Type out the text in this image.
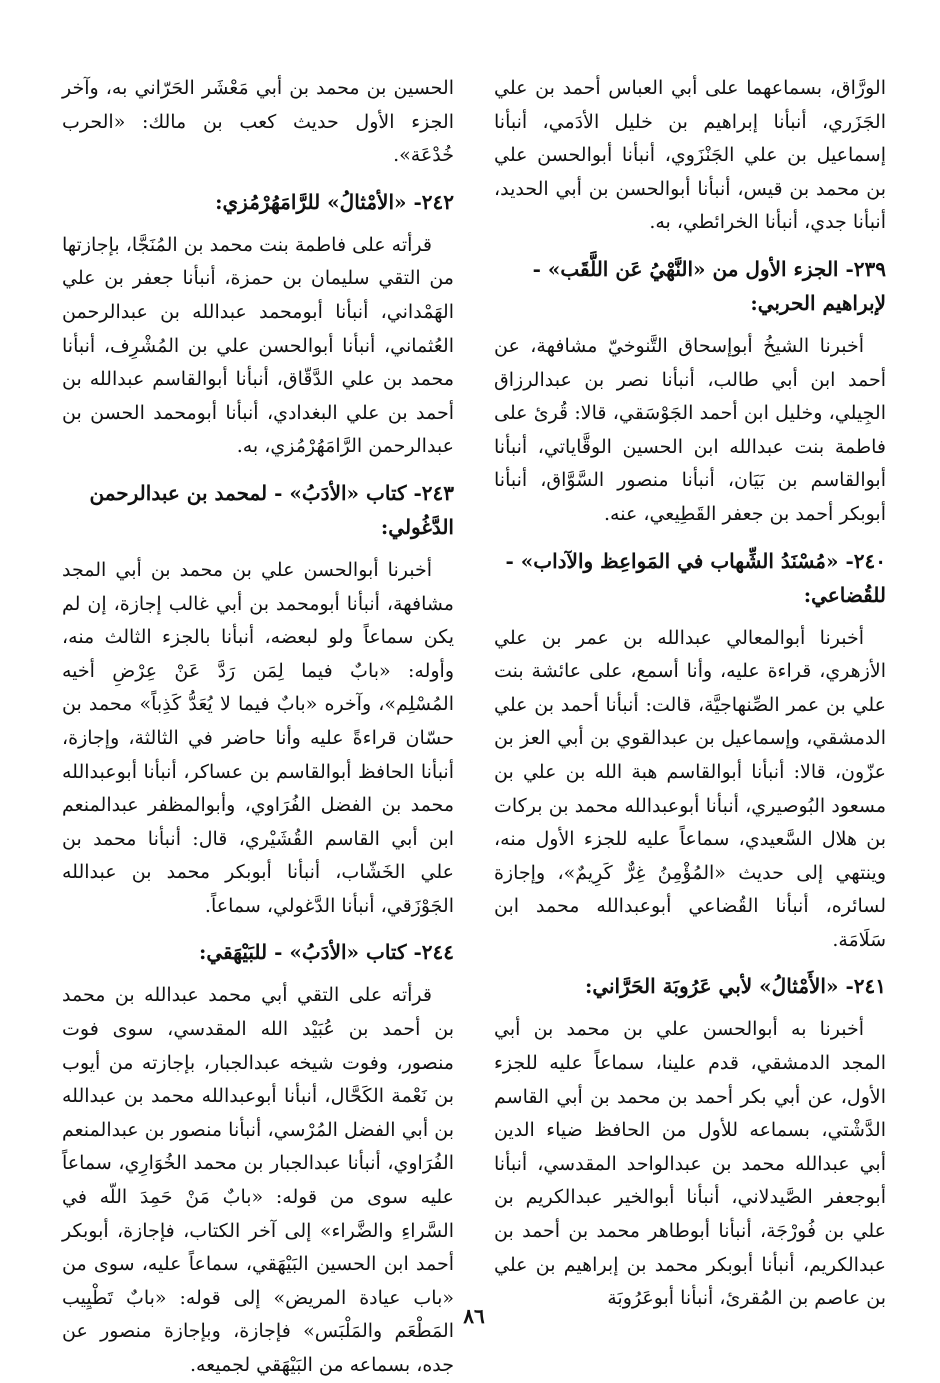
الورَّاق، بسماعهما على أبي العباس أحمد بن علي الجَزَري، أنبأنا إبراهيم بن خليل الأدَمي، أنبأنا إسماعيل بن علي الجَنْزَوي، أنبأنا أبوالحسن علي بن محمد بن قيس، أنبأنا أبوالحسن بن أبي الحديد، أنبأنا جدي، أنبأنا الخرائطي، به.

٢٣٩- الجزء الأول من «النَّهْيُ عَن اللَّقَب» - لإبراهيم الحربي:

أخبرنا الشيخُ أبوإسحاق التَّنوخيّ مشافهة، عن أحمد ابن أبي طالب، أنبأنا نصر بن عبدالرزاق الجِيلي، وخليل ابن أحمد الجَوْسَقي، قالا: قُرئ على فاطمة بنت عبدالله ابن الحسين الوقَّاياتي، أنبأنا أبوالقاسم بن بَيَان، أنبأنا منصور السَّوَّاق، أنبأنا أبوبكر أحمد بن جعفر القَطِيعي، عنه.

٢٤٠- «مُسْنَدُ الشِّهاب في المَواعِظ والآداب» - للقُضاعي:

أخبرنا أبوالمعالي عبدالله بن عمر بن علي الأزهري، قراءة عليه، وأنا أسمع، على عائشة بنت علي بن عمر الصِّنهاجيَّة، قالت: أنبأنا أحمد بن علي الدمشقي، وإسماعيل بن عبدالقوي بن أبي العز بن عزّون، قالا: أنبأنا أبوالقاسم هبة الله بن علي بن مسعود البُوصيري، أنبأنا أبوعبدالله محمد بن بركات بن هلال السَّعيدي، سماعاً عليه للجزء الأول منه، وينتهي إلى حديث «المُؤْمِنُ غِرٌّ كَرِيمٌ»، وإجازة لسائره، أنبأنا القُضاعي أبوعبدالله محمد ابن سَلَامَة.

٢٤١- «الأَمْثالُ» لأبي عَرُوبَة الحَرَّاني:

أخبرنا به أبوالحسن علي بن محمد بن أبي المجد الدمشقي، قدم علينا، سماعاً عليه للجزء الأول، عن أبي بكر أحمد بن محمد بن أبي القاسم الدَّشْتي، بسماعه للأول من الحافظ ضياء الدين أبي عبدالله محمد بن عبدالواحد المقدسي، أنبأنا أبوجعفر الصَّيدلاني، أنبأنا أبوالخير عبدالكريم بن علي بن فُورْجَة، أنبأنا أبوطاهر محمد بن أحمد بن عبدالكريم، أنبأنا أبوبكر محمد بن إبراهيم بن علي بن عاصم بن المُقرئ، أنبأنا أبوعَرُوبَة

الحسين بن محمد بن أبي مَعْشَر الحَرّاني به، وآخر الجزء الأول حديث كعب بن مالك: «الحرب خُدْعَة».

٢٤٢- «الأمْثالُ» للرَّامَهُرْمُزي:

قرأته على فاطمة بنت محمد بن المُنَجَّا، بإجازتها من التقي سليمان بن حمزة، أنبأنا جعفر بن علي الهَمْداني، أنبأنا أبومحمد عبدالله بن عبدالرحمن العُثماني، أنبأنا أبوالحسن علي بن المُشْرِف، أنبأنا محمد بن علي الدَّقّاق، أنبأنا أبوالقاسم عبدالله بن أحمد بن علي البغدادي، أنبأنا أبومحمد الحسن بن عبدالرحمن الرَّامَهُرْمُزي، به.

٢٤٣- كتاب «الأدَبُ» - لمحمد بن عبدالرحمن الدَّغُولي:

أخبرنا أبوالحسن علي بن محمد بن أبي المجد مشافهة، أنبأنا أبومحمد بن أبي غالب إجازة، إن لم يكن سماعاً ولو لبعضه، أنبأنا بالجزء الثالث منه، وأوله: «بابٌ فيما لِمَن رَدَّ عَنْ عِرْضِ أخيه المُسْلِم»، وآخره «بابٌ فيما لا يُعَدُّ كَذِباً» محمد بن حسّان قراءةً عليه وأنا حاضر في الثالثة، وإجازة، أنبأنا الحافظ أبوالقاسم بن عساكر، أنبأنا أبوعبدالله محمد بن الفضل الفُرَاوي، وأبوالمظفر عبدالمنعم ابن أبي القاسم القُشَيْري، قال: أنبأنا محمد بن علي الخَشّاب، أنبأنا أبوبكر محمد بن عبدالله الجَوْزَقي، أنبأنا الدَّغولي، سماعاً.

٢٤٤- كتاب «الأدَبُ» - للبَيْهَقي:

قرأته على التقي أبي محمد عبدالله بن محمد بن أحمد بن عُبَيْد الله المقدسي، سوى فوت منصور، وفوت شيخه عبدالجبار، بإجازته من أيوب بن نَعْمة الكَحَّال، أنبأنا أبوعبدالله محمد بن عبدالله بن أبي الفضل المُرْسي، أنبأنا منصور بن عبدالمنعم الفُرَاوي، أنبأنا عبدالجبار بن محمد الخُوَارِي، سماعاً عليه سوى من قوله: «بابٌ مَنْ حَمِدَ اللّه في السَّراءِ والضَّراء» إلى آخر الكتاب، فإجازة، أبوبكر أحمد ابن الحسين البَيْهَقي، سماعاً عليه، سوى من «باب عيادة المريض» إلى قوله: «بابٌ تَطْيِيب المَطْعَم والمَلْبَس» فإجازة، وبإجازة منصور عن جده، بسماعه من البَيْهَقي لجميعه.

٨٦
